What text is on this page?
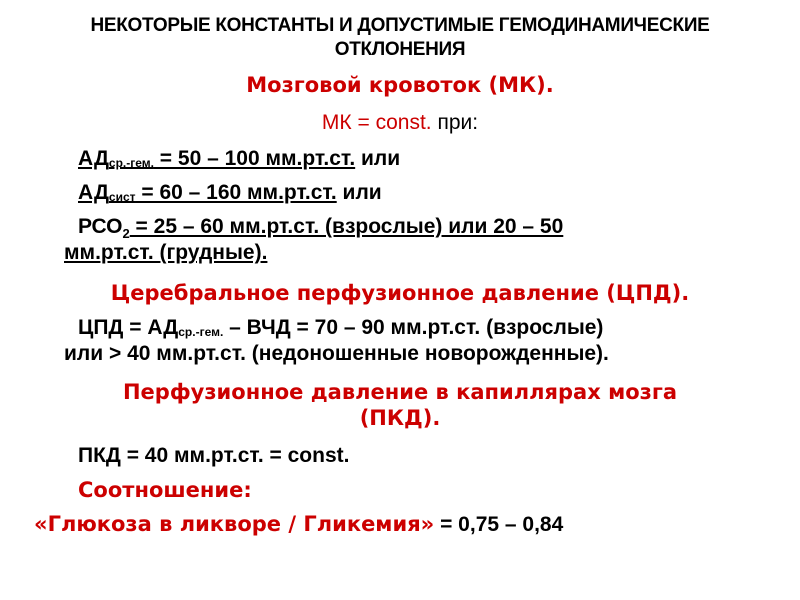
НЕКОТОРЫЕ КОНСТАНТЫ И ДОПУСТИМЫЕ ГЕМОДИНАМИЧЕСКИЕ
ОТКЛОНЕНИЯ
Мозговой кровоток (МК).
МК = const. при:
АДср.-гем. = 50 – 100 мм.рт.ст. или
АДсист = 60 – 160 мм.рт.ст. или
$РСО_2 = 25 - 60$ мм.рт.ст. (взрослые) или 20 – 50
мм.рт.ст. (грудные).
Церебральное перфузионное давление (ЦПД).
ЦПД = АДср.-гем. – ВЧД = 70 – 90 мм.рт.ст. (взрослые)
или > 40 мм.рт.ст. (недоношенные новорожденные).
Перфузионное давление в капиллярах мозга
(ПКД).
ПКД = 40 мм.рт.ст. = const.
Соотношение:
«Глюкоза в ликворе / Гликемия» = 0,75 – 0,84
